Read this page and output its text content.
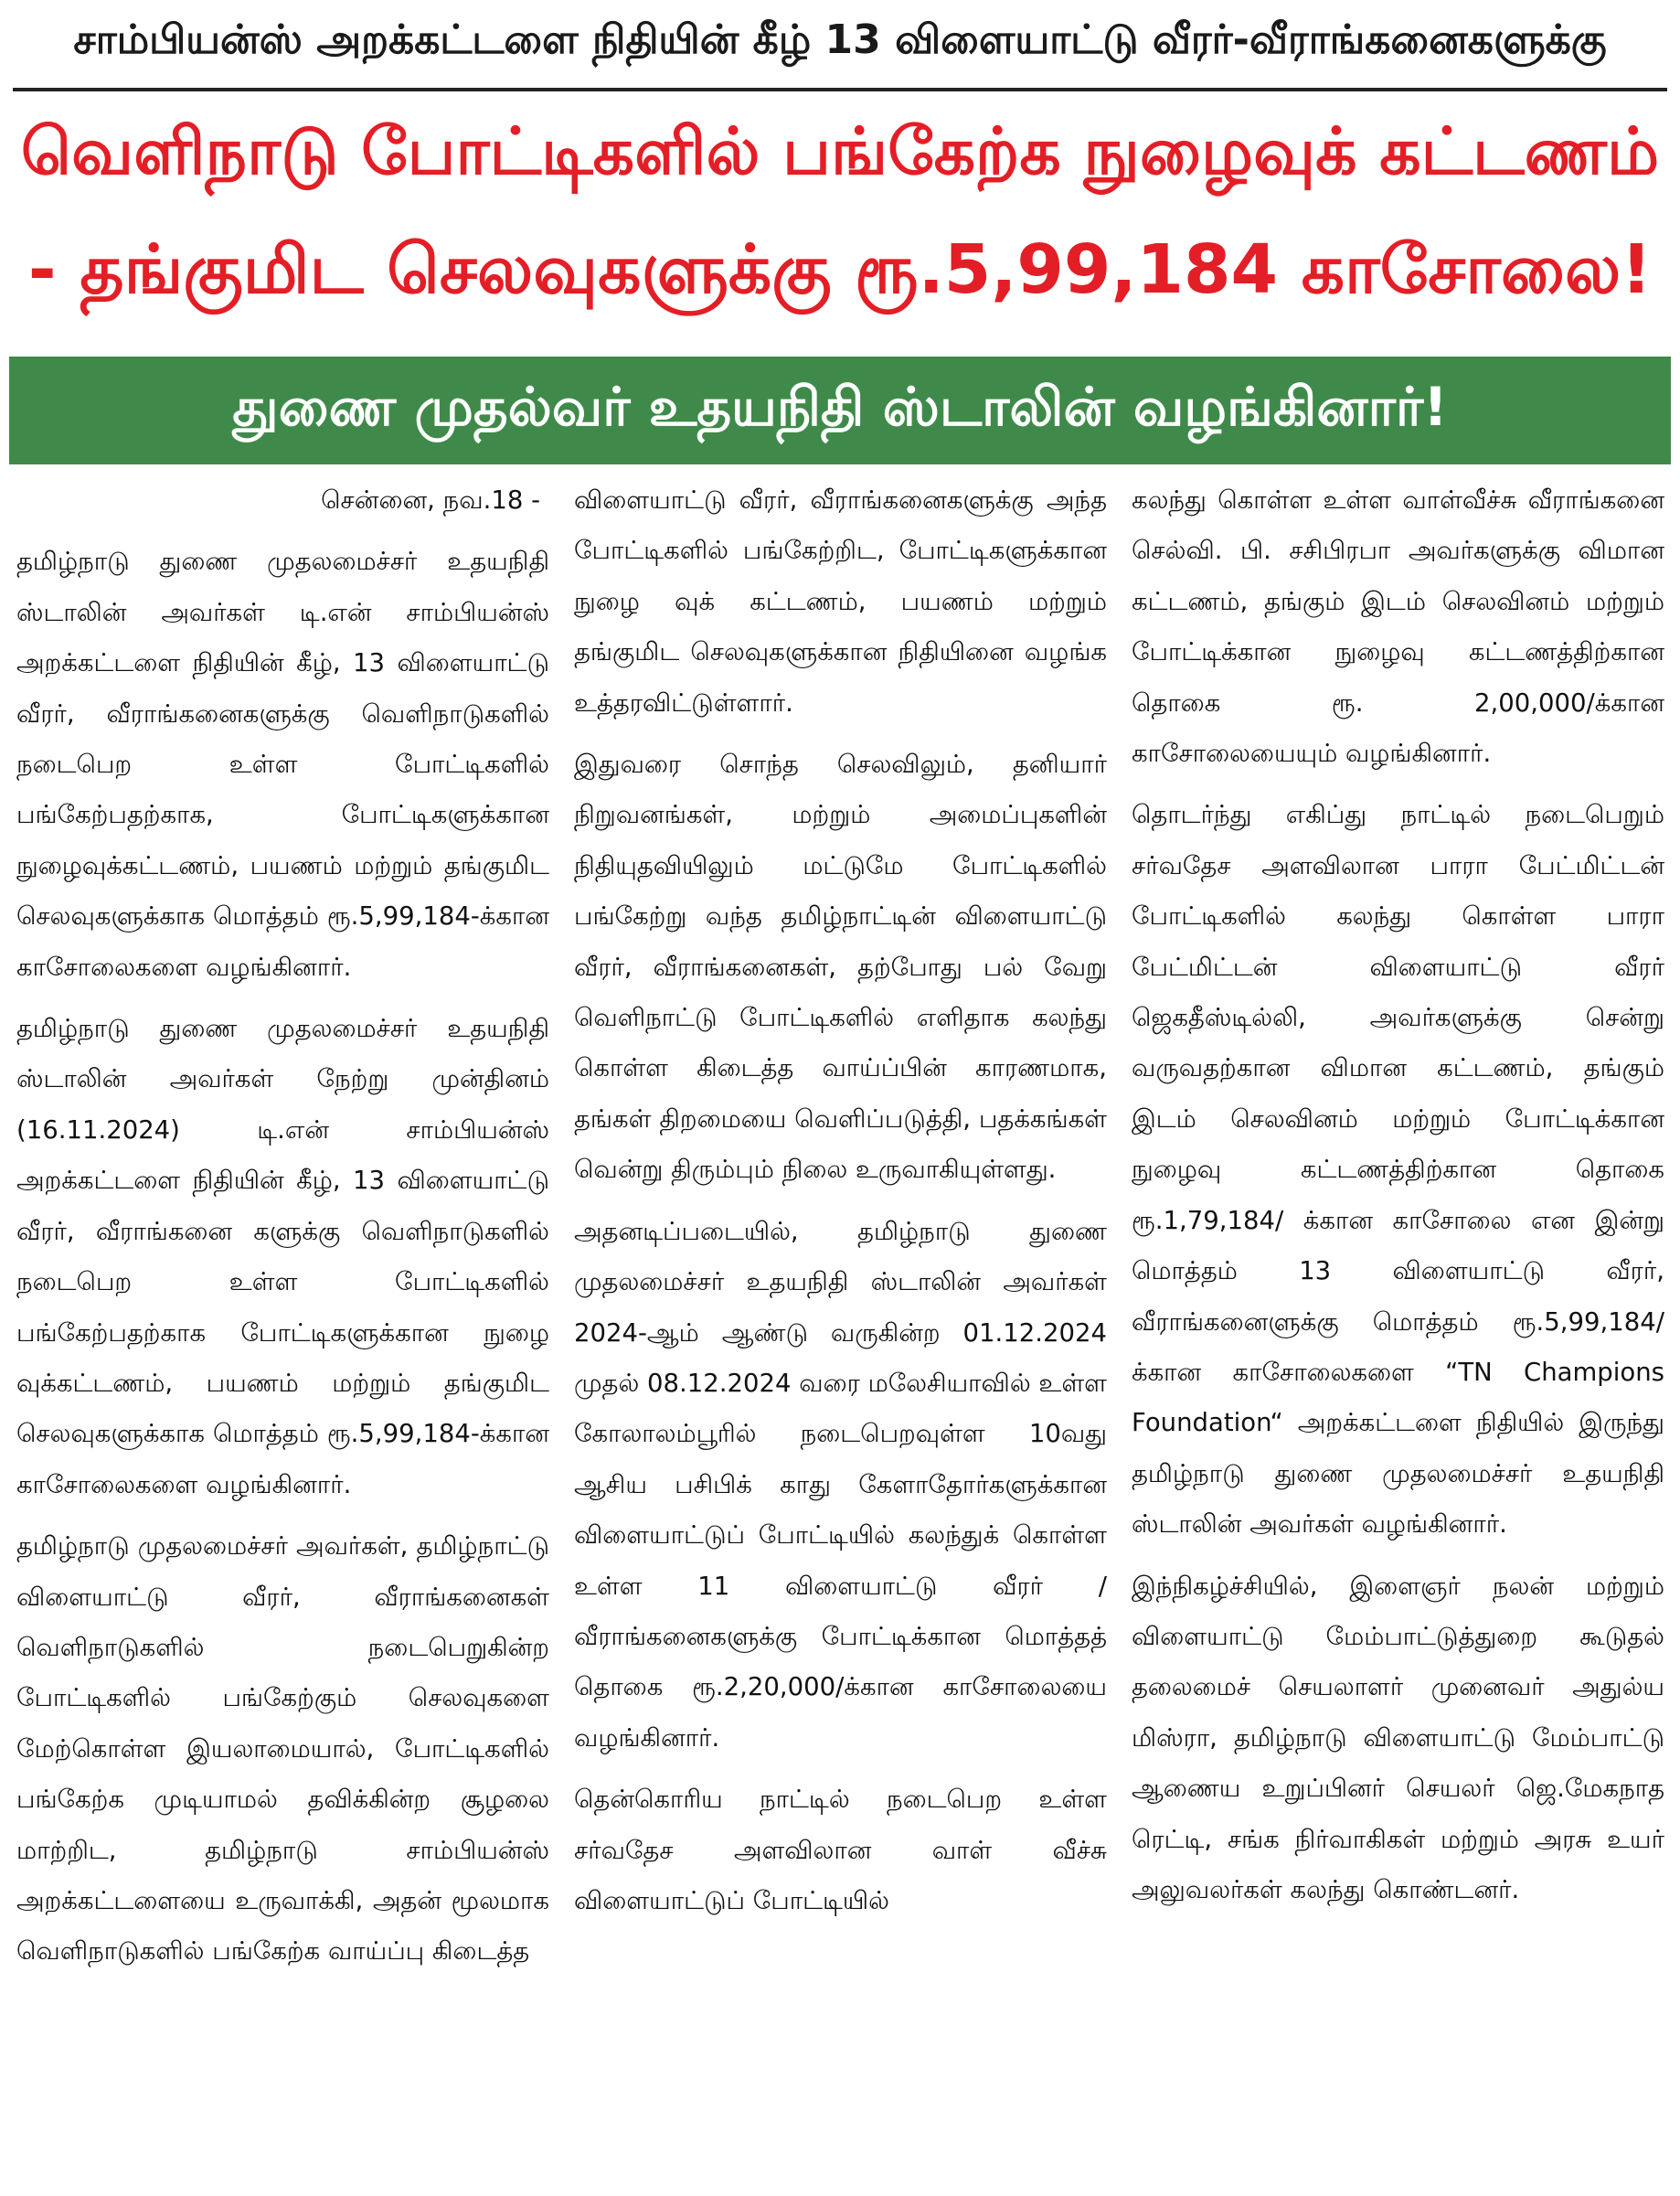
சாம்பியன்ஸ் அறக்கட்டளை நிதியின் கீழ் 13 விளையாட்டு வீரர்-வீராங்கனைகளுக்கு
வெளிநாடு போட்டிகளில் பங்கேற்க நுழைவுக் கட்டணம்
- தங்குமிட செலவுகளுக்கு ரூ.5,99,184 காசோலை!
துணை முதல்வர் உதயநிதி ஸ்டாலின் வழங்கினார்!

சென்னை, நவ.18 -

தமிழ்நாடு துணை முதலமைச்சர் உதயநிதி ஸ்டாலின் அவர்கள் டி.என் சாம்பியன்ஸ் அறக்கட்டளை நிதியின் கீழ், 13 விளையாட்டு வீரர், வீராங்கனைகளுக்கு வெளிநாடுகளில் நடைபெற உள்ள போட்டிகளில் பங்கேற்பதற்காக, போட்டிகளுக்கான நுழைவுக்கட்டணம், பயணம் மற்றும் தங்குமிட செலவுகளுக்காக மொத்தம் ரூ.5,99,184-க்கான காசோலைகளை வழங்கினார்.

தமிழ்நாடு துணை முதலமைச்சர் உதயநிதி ஸ்டாலின் அவர்கள் நேற்று முன்தினம் (16.11.2024) டி.என் சாம்பியன்ஸ் அறக்கட்டளை நிதியின் கீழ், 13 விளையாட்டு வீரர், வீராங்கனை களுக்கு வெளிநாடுகளில் நடைபெற உள்ள போட்டிகளில் பங்கேற்பதற்காக போட்டிகளுக்கான நுழை வுக்கட்டணம், பயணம் மற்றும் தங்குமிட செலவுகளுக்காக மொத்தம் ரூ.5,99,184-க்கான காசோலைகளை வழங்கினார்.

தமிழ்நாடு முதலமைச்சர் அவர்கள், தமிழ்நாட்டு விளையாட்டு வீரர், வீராங்கனைகள் வெளிநாடுகளில் நடைபெறுகின்ற போட்டிகளில் பங்கேற்கும் செலவுகளை மேற்கொள்ள இயலாமையால், போட்டிகளில் பங்கேற்க முடியாமல் தவிக்கின்ற சூழலை மாற்றிட, தமிழ்நாடு சாம்பியன்ஸ் அறக்கட்டளையை உருவாக்கி, அதன் மூலமாக வெளிநாடுகளில் பங்கேற்க வாய்ப்பு கிடைத்த

விளையாட்டு வீரர், வீராங்கனைகளுக்கு அந்த போட்டிகளில் பங்கேற்றிட, போட்டிகளுக்கான நுழை வுக் கட்டணம், பயணம் மற்றும் தங்குமிட செலவுகளுக்கான நிதியினை வழங்க உத்தரவிட்டுள்ளார்.

இதுவரை சொந்த செலவிலும், தனியார் நிறுவனங்கள், மற்றும் அமைப்புகளின் நிதியுதவியிலும் மட்டுமே போட்டிகளில் பங்கேற்று வந்த தமிழ்நாட்டின் விளையாட்டு வீரர், வீராங்கனைகள், தற்போது பல் வேறு வெளிநாட்டு போட்டிகளில் எளிதாக கலந்து கொள்ள கிடைத்த வாய்ப்பின் காரணமாக, தங்கள் திறமையை வெளிப்படுத்தி, பதக்கங்கள் வென்று திரும்பும் நிலை உருவாகியுள்ளது.

அதனடிப்படையில், தமிழ்நாடு துணை முதலமைச்சர் உதயநிதி ஸ்டாலின் அவர்கள் 2024-ஆம் ஆண்டு வருகின்ற 01.12.2024 முதல் 08.12.2024 வரை மலேசியாவில் உள்ள கோலாலம்பூரில் நடைபெறவுள்ள 10வது ஆசிய பசிபிக் காது கேளாதோர்களுக்கான விளையாட்டுப் போட்டியில் கலந்துக் கொள்ள உள்ள 11 விளையாட்டு வீரர் / வீராங்கனைகளுக்கு போட்டிக்கான மொத்தத் தொகை ரூ.2,20,000/க்கான காசோலையை வழங்கினார்.

தென்கொரிய நாட்டில் நடைபெற உள்ள சர்வதேச அளவிலான வாள் வீச்சு விளையாட்டுப் போட்டியில்

கலந்து கொள்ள உள்ள வாள்வீச்சு வீராங்கனை செல்வி. பி. சசிபிரபா அவர்களுக்கு விமான கட்டணம், தங்கும் இடம் செலவினம் மற்றும் போட்டிக்கான நுழைவு கட்டணத்திற்கான தொகை ரூ. 2,00,000/க்கான காசோலையையும் வழங்கினார்.

தொடர்ந்து எகிப்து நாட்டில் நடைபெறும் சர்வதேச அளவிலான பாரா பேட்மிட்டன் போட்டிகளில் கலந்து கொள்ள பாரா பேட்மிட்டன் விளையாட்டு வீரர் ஜெகதீஸ்டில்லி, அவர்களுக்கு சென்று வருவதற்கான விமான கட்டணம், தங்கும் இடம் செலவினம் மற்றும் போட்டிக்கான நுழைவு கட்டணத்திற்கான தொகை ரூ.1,79,184/ க்கான காசோலை என இன்று மொத்தம் 13 விளையாட்டு வீரர், வீராங்கனைளுக்கு மொத்தம் ரூ.5,99,184/க்கான காசோலைகளை “TN Champions Foundation“ அறக்கட்டளை நிதியில் இருந்து தமிழ்நாடு துணை முதலமைச்சர் உதயநிதி ஸ்டாலின் அவர்கள் வழங்கினார்.

இந்நிகழ்ச்சியில், இளைஞர் நலன் மற்றும் விளையாட்டு மேம்பாட்டுத்துறை கூடுதல் தலைமைச் செயலாளர் முனைவர் அதுல்ய மிஸ்ரா, தமிழ்நாடு விளையாட்டு மேம்பாட்டு ஆணைய உறுப்பினர் செயலர் ஜெ.மேகநாத ரெட்டி, சங்க நிர்வாகிகள் மற்றும் அரசு உயர் அலுவலர்கள் கலந்து கொண்டனர்.
